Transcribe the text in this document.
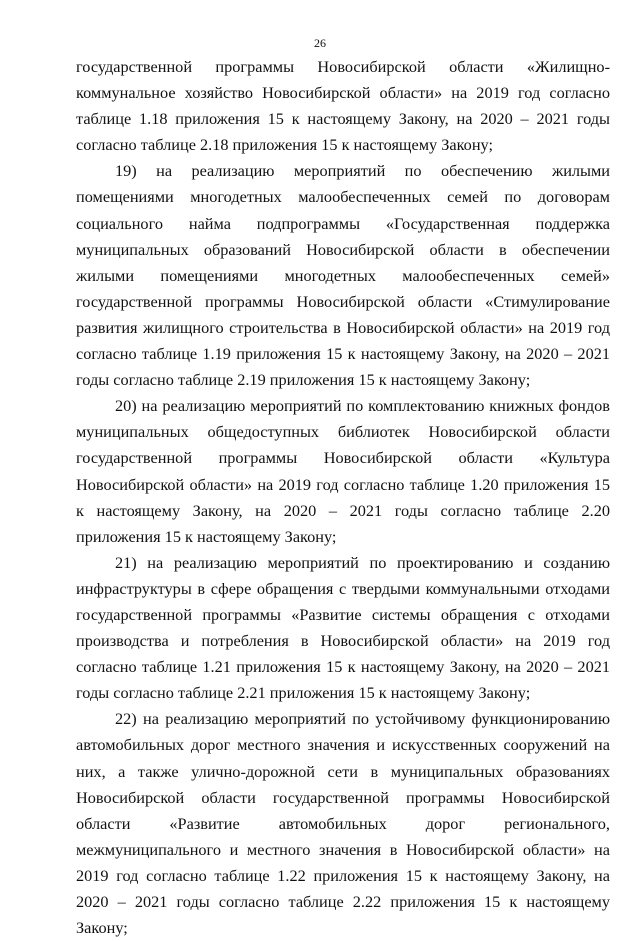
26

государственной программы Новосибирской области «Жилищно-коммунальное хозяйство Новосибирской области» на 2019 год согласно таблице 1.18 приложения 15 к настоящему Закону, на 2020 – 2021 годы согласно таблице 2.18 приложения 15 к настоящему Закону;

19) на реализацию мероприятий по обеспечению жилыми помещениями многодетных малообеспеченных семей по договорам социального найма подпрограммы «Государственная поддержка муниципальных образований Новосибирской области в обеспечении жилыми помещениями многодетных малообеспеченных семей» государственной программы Новосибирской области «Стимулирование развития жилищного строительства в Новосибирской области» на 2019 год согласно таблице 1.19 приложения 15 к настоящему Закону, на 2020 – 2021 годы согласно таблице 2.19 приложения 15 к настоящему Закону;

20) на реализацию мероприятий по комплектованию книжных фондов муниципальных общедоступных библиотек Новосибирской области государственной программы Новосибирской области «Культура Новосибирской области» на 2019 год согласно таблице 1.20 приложения 15 к настоящему Закону, на 2020 – 2021 годы согласно таблице 2.20 приложения 15 к настоящему Закону;

21) на реализацию мероприятий по проектированию и созданию инфраструктуры в сфере обращения с твердыми коммунальными отходами государственной программы «Развитие системы обращения с отходами производства и потребления в Новосибирской области» на 2019 год согласно таблице 1.21 приложения 15 к настоящему Закону, на 2020 – 2021 годы согласно таблице 2.21 приложения 15 к настоящему Закону;

22) на реализацию мероприятий по устойчивому функционированию автомобильных дорог местного значения и искусственных сооружений на них, а также улично-дорожной сети в муниципальных образованиях Новосибирской области государственной программы Новосибирской области «Развитие автомобильных дорог регионального, межмуниципального и местного значения в Новосибирской области» на 2019 год согласно таблице 1.22 приложения 15 к настоящему Закону, на 2020 – 2021 годы согласно таблице 2.22 приложения 15 к настоящему Закону;
